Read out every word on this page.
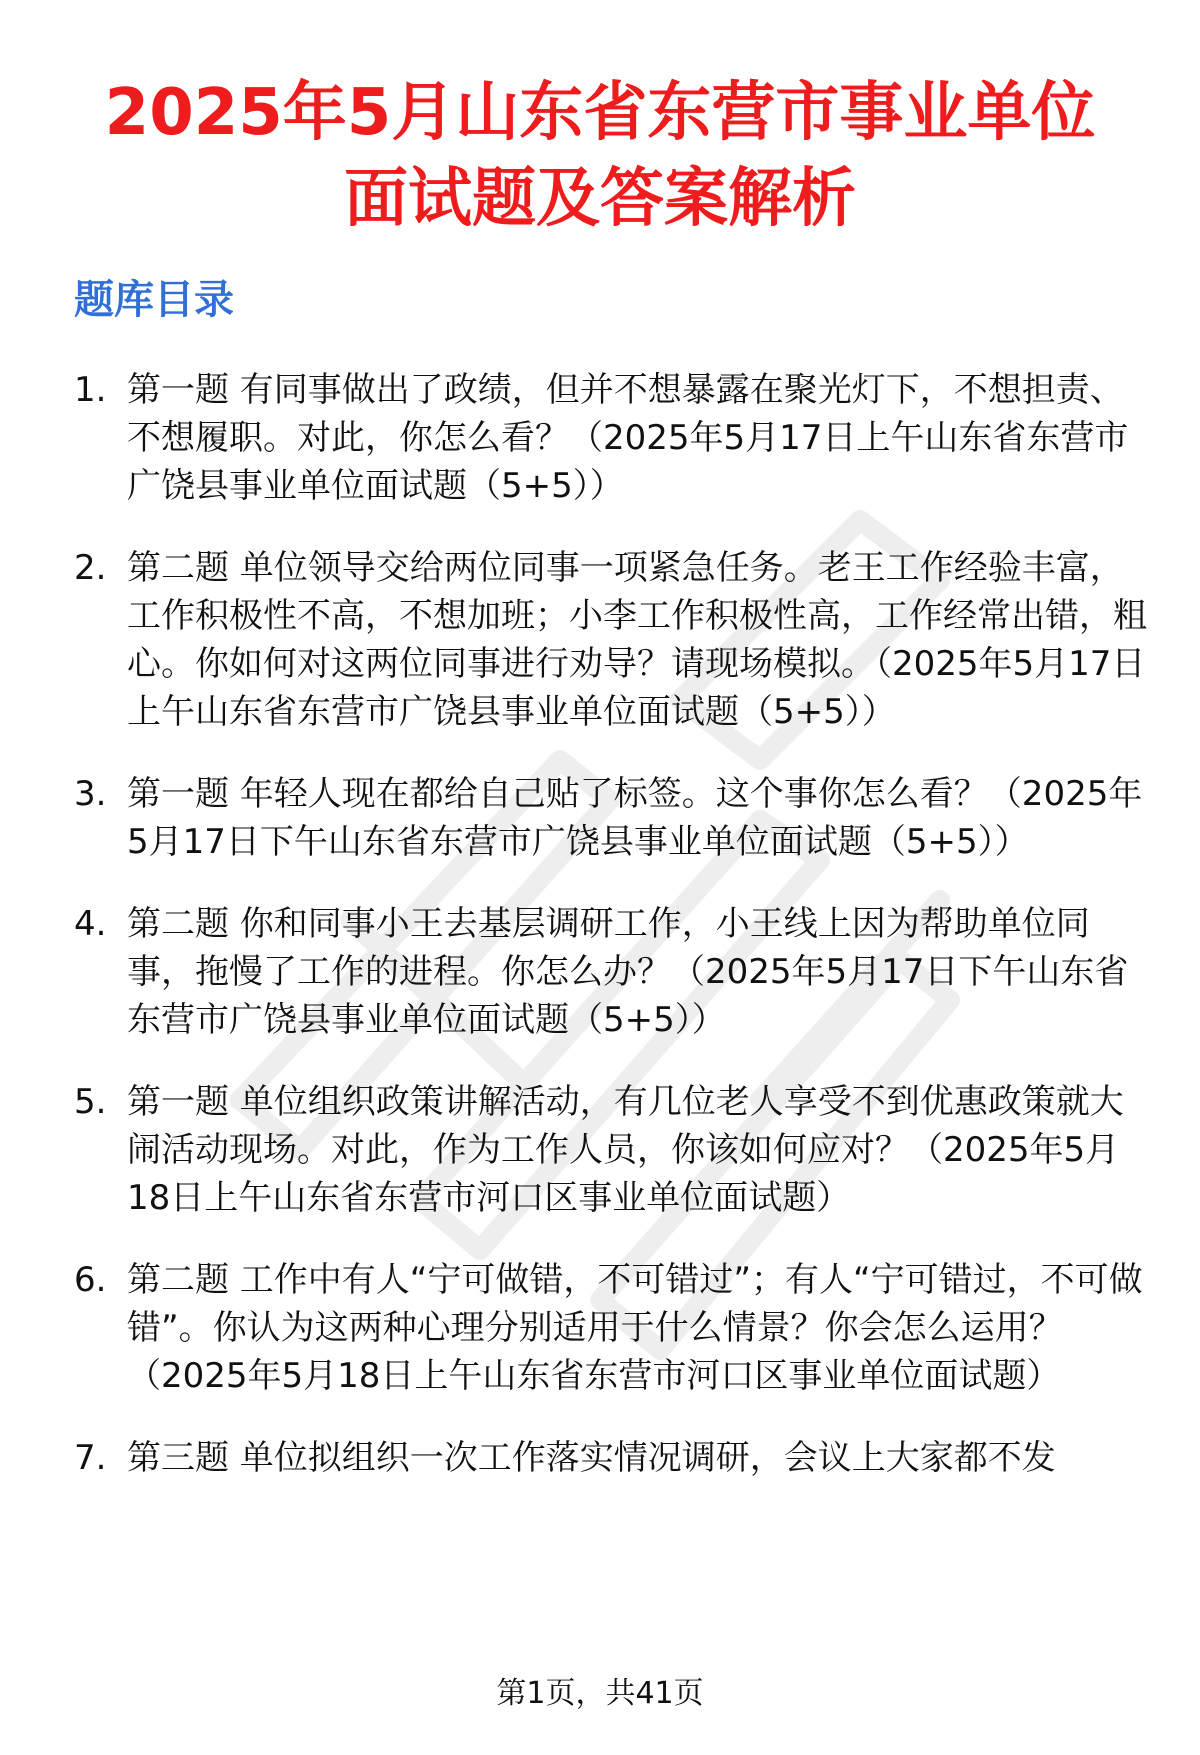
2025年5月山东省东营市事业单位
面试题及答案解析
题库目录
1. 第一题 有同事做出了政绩，但并不想暴露在聚光灯下，不想担责、不想履职。对此，你怎么看？（2025年5月17日上午山东省东营市广饶县事业单位面试题（5+5））
2. 第二题 单位领导交给两位同事一项紧急任务。老王工作经验丰富，工作积极性不高，不想加班；小李工作积极性高，工作经常出错，粗心。你如何对这两位同事进行劝导？请现场模拟。（2025年5月17日上午山东省东营市广饶县事业单位面试题（5+5））
3. 第一题 年轻人现在都给自己贴了标签。这个事你怎么看？（2025年5月17日下午山东省东营市广饶县事业单位面试题（5+5））
4. 第二题 你和同事小王去基层调研工作，小王线上因为帮助单位同事，拖慢了工作的进程。你怎么办？（2025年5月17日下午山东省东营市广饶县事业单位面试题（5+5））
5. 第一题 单位组织政策讲解活动，有几位老人享受不到优惠政策就大闹活动现场。对此，作为工作人员，你该如何应对？（2025年5月18日上午山东省东营市河口区事业单位面试题）
6. 第二题 工作中有人“宁可做错，不可错过”；有人“宁可错过，不可做错”。你认为这两种心理分别适用于什么情景？你会怎么运用？（2025年5月18日上午山东省东营市河口区事业单位面试题）
7. 第三题 单位拟组织一次工作落实情况调研，会议上大家都不发
第1页，共41页
